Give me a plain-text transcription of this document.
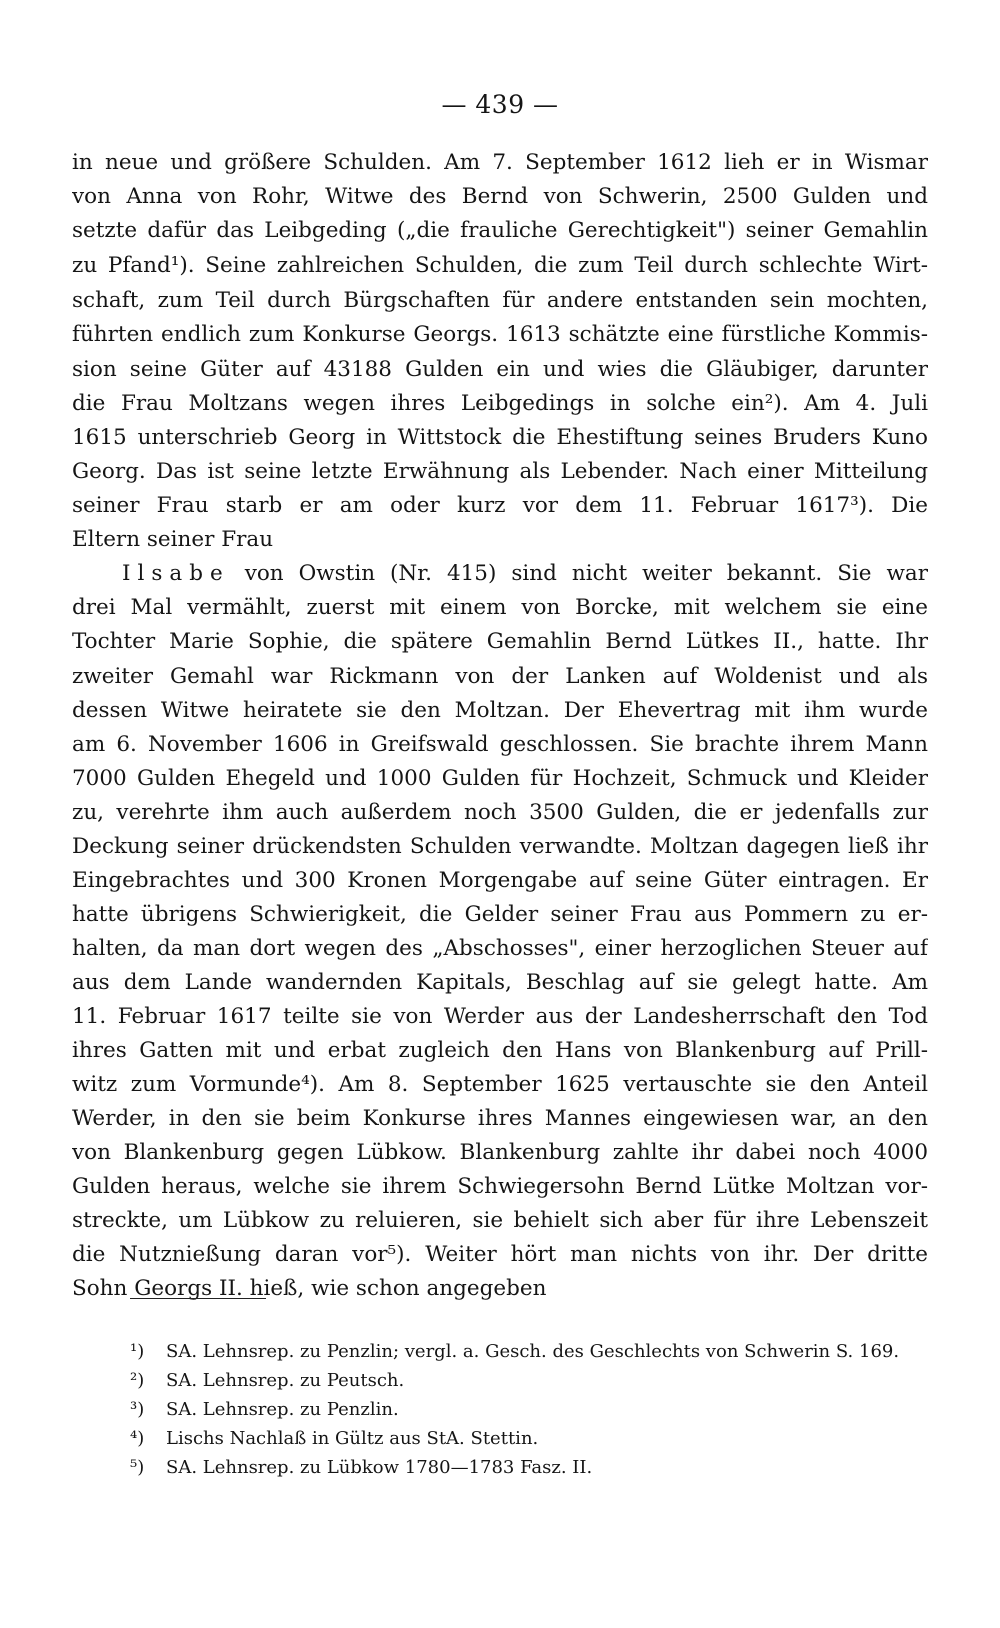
— 439 —
in neue und größere Schulden. Am 7. September 1612 lieh er in Wismar
von Anna von Rohr, Witwe des Bernd von Schwerin, 2500 Gulden und
setzte dafür das Leibgeding („die frauliche Gerechtigkeit") seiner Gemahlin
zu Pfand¹). Seine zahlreichen Schulden, die zum Teil durch schlechte Wirt-
schaft, zum Teil durch Bürgschaften für andere entstanden sein mochten,
führten endlich zum Konkurse Georgs. 1613 schätzte eine fürstliche Kommis-
sion seine Güter auf 43188 Gulden ein und wies die Gläubiger, darunter
die Frau Moltzans wegen ihres Leibgedings in solche ein²). Am 4. Juli
1615 unterschrieb Georg in Wittstock die Ehestiftung seines Bruders Kuno
Georg. Das ist seine letzte Erwähnung als Lebender. Nach einer Mitteilung
seiner Frau starb er am oder kurz vor dem 11. Februar 1617³). Die
Eltern seiner Frau
Ilsabe von Owstin (Nr. 415) sind nicht weiter bekannt. Sie war
drei Mal vermählt, zuerst mit einem von Borcke, mit welchem sie eine
Tochter Marie Sophie, die spätere Gemahlin Bernd Lütkes II., hatte. Ihr
zweiter Gemahl war Rickmann von der Lanken auf Woldenist und als
dessen Witwe heiratete sie den Moltzan. Der Ehevertrag mit ihm wurde
am 6. November 1606 in Greifswald geschlossen. Sie brachte ihrem Mann
7000 Gulden Ehegeld und 1000 Gulden für Hochzeit, Schmuck und Kleider
zu, verehrte ihm auch außerdem noch 3500 Gulden, die er jedenfalls zur
Deckung seiner drückendsten Schulden verwandte. Moltzan dagegen ließ ihr
Eingebrachtes und 300 Kronen Morgengabe auf seine Güter eintragen. Er
hatte übrigens Schwierigkeit, die Gelder seiner Frau aus Pommern zu er-
halten, da man dort wegen des „Abschosses", einer herzoglichen Steuer auf
aus dem Lande wandernden Kapitals, Beschlag auf sie gelegt hatte. Am
11. Februar 1617 teilte sie von Werder aus der Landesherrschaft den Tod
ihres Gatten mit und erbat zugleich den Hans von Blankenburg auf Prill-
witz zum Vormunde⁴). Am 8. September 1625 vertauschte sie den Anteil
Werder, in den sie beim Konkurse ihres Mannes eingewiesen war, an den
von Blankenburg gegen Lübkow. Blankenburg zahlte ihr dabei noch 4000
Gulden heraus, welche sie ihrem Schwiegersohn Bernd Lütke Moltzan vor-
streckte, um Lübkow zu reluieren, sie behielt sich aber für ihre Lebenszeit
die Nutznießung daran vor⁵). Weiter hört man nichts von ihr. Der dritte
Sohn Georgs II. hieß, wie schon angegeben
¹) SA. Lehnsrep. zu Penzlin; vergl. a. Gesch. des Geschlechts von Schwerin S. 169.
²) SA. Lehnsrep. zu Peutsch.
³) SA. Lehnsrep. zu Penzlin.
⁴) Lischs Nachlaß in Gültz aus StA. Stettin.
⁵) SA. Lehnsrep. zu Lübkow 1780—1783 Fasz. II.
